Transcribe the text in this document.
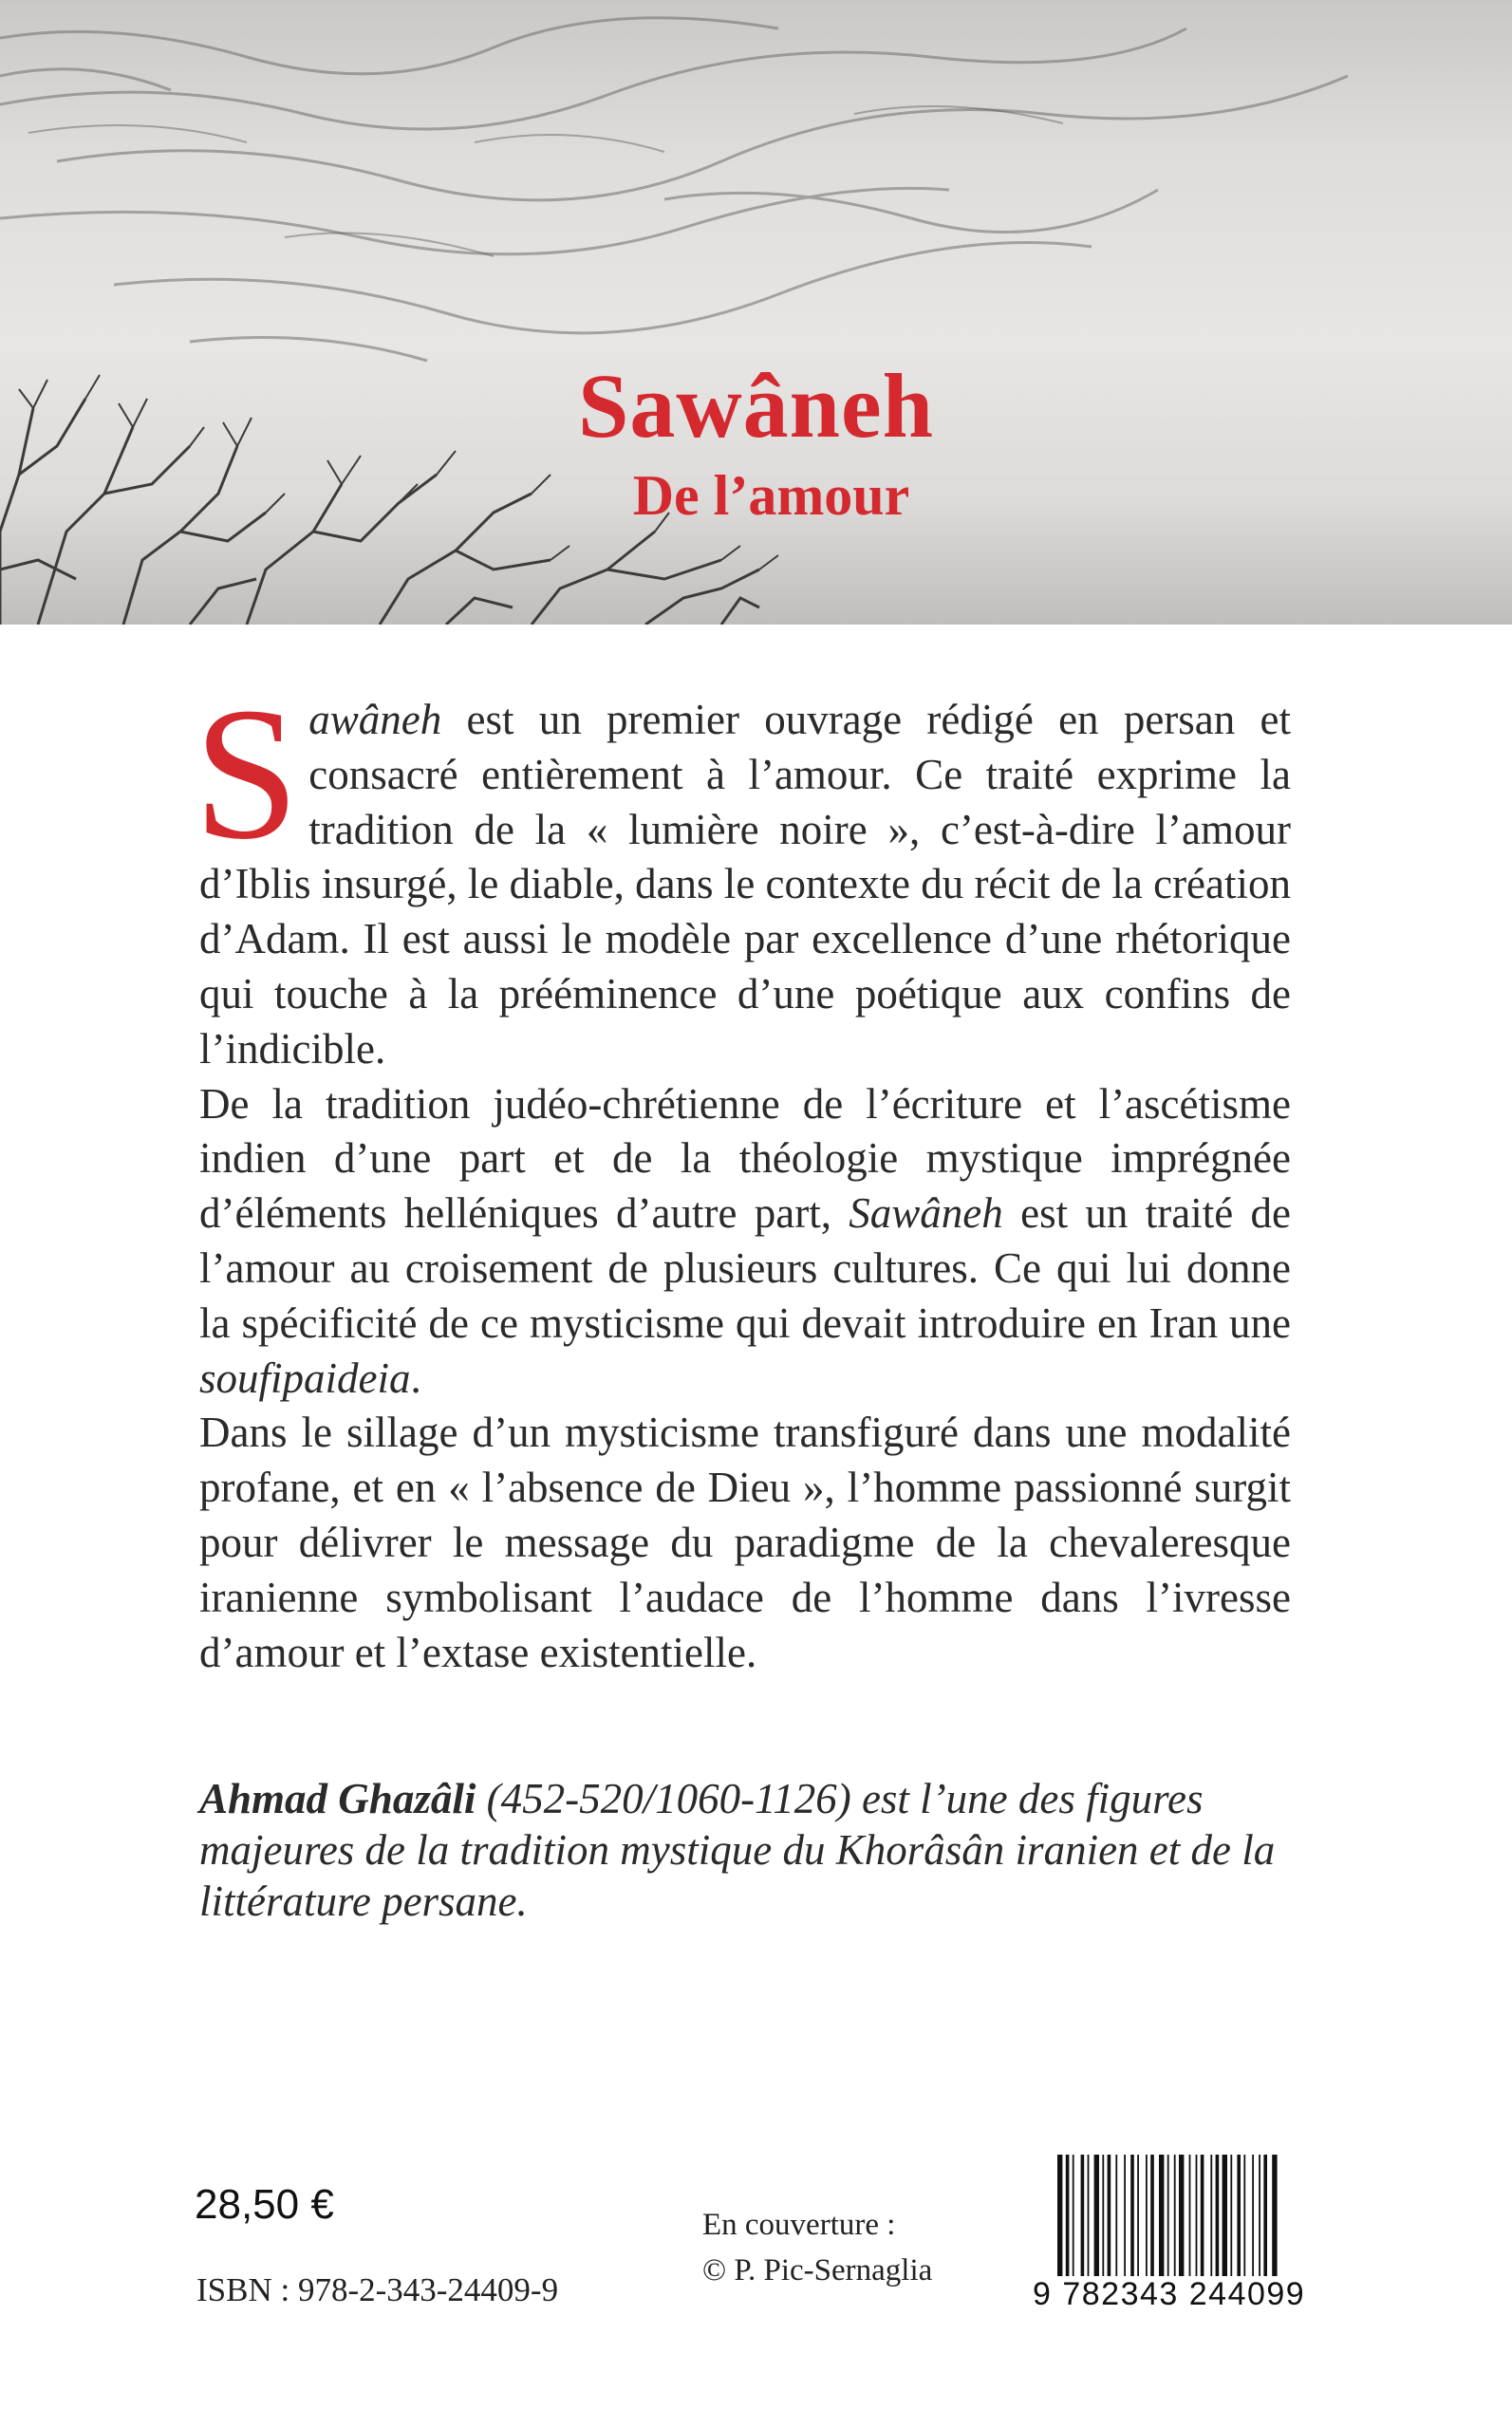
Sawâneh
De l’amour

Sawâneh est un premier ouvrage rédigé en persan et consacré entièrement à l’amour. Ce traité exprime la tradition de la « lumière noire », c’est-à-dire l’amour d’Iblis insurgé, le diable, dans le contexte du récit de la création d’Adam. Il est aussi le modèle par excellence d’une rhétorique qui touche à la prééminence d’une poétique aux confins de l’indicible.

De la tradition judéo-chrétienne de l’écriture et l’ascétisme indien d’une part et de la théologie mystique imprégnée d’éléments helléniques d’autre part, Sawâneh est un traité de l’amour au croisement de plusieurs cultures. Ce qui lui donne la spécificité de ce mysticisme qui devait introduire en Iran une soufipaideia.

Dans le sillage d’un mysticisme transfiguré dans une modalité profane, et en « l’absence de Dieu », l’homme passionné surgit pour délivrer le message du paradigme de la chevaleresque iranienne symbolisant l’audace de l’homme dans l’ivresse d’amour et l’extase existentielle.

Ahmad Ghazâli (452-520/1060-1126) est l’une des figures majeures de la tradition mystique du Khorâsân iranien et de la littérature persane.

28,50 €
ISBN : 978-2-343-24409-9
En couverture :
© P. Pic-Sernaglia
9 782343 244099
